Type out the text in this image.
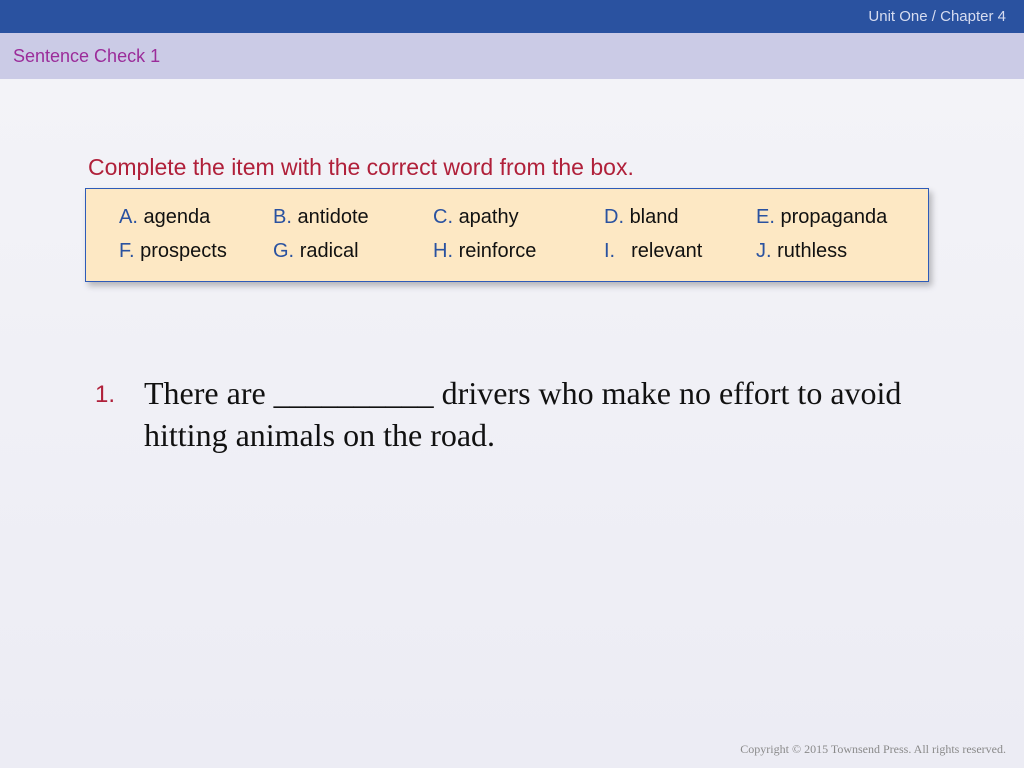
Unit One / Chapter 4
Sentence Check 1
Complete the item with the correct word from the box.
A. agenda	B. antidote	C. apathy	D. bland	E. propaganda
F. prospects G. radical	H. reinforce	I. relevant	J. ruthless
1. There are __________ drivers who make no effort to avoid hitting animals on the road.
Copyright © 2015 Townsend Press. All rights reserved.
